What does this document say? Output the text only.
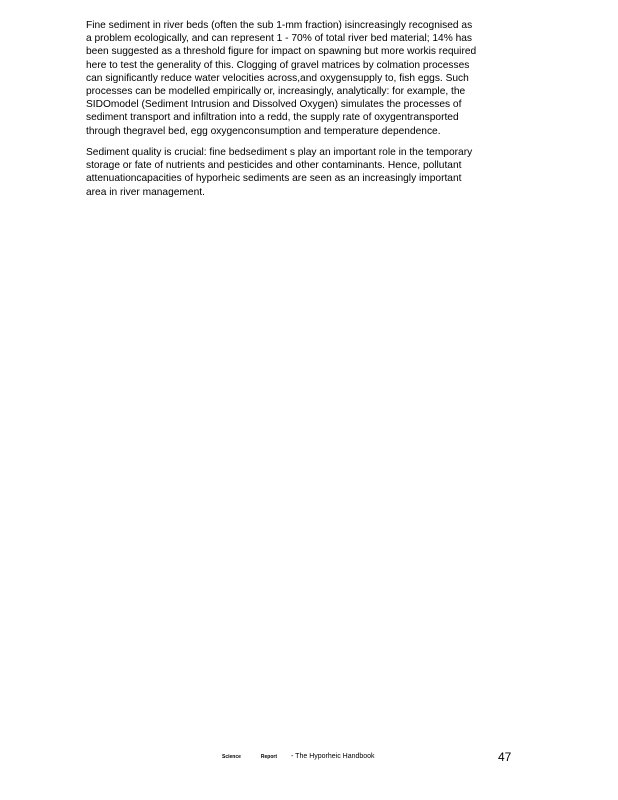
Fine sediment in river beds (often the sub 1-mm fraction) isincreasingly recognised as
a problem ecologically, and can represent 1 - 70% of total river bed material; 14% has
been suggested as a threshold figure for impact on spawning but more workis required
here to test the generality of this. Clogging of gravel matrices by colmation processes
can significantly reduce water velocities across,and oxygensupply to, fish eggs. Such
processes can be modelled empirically or, increasingly, analytically: for example, the
SIDOmodel (Sediment Intrusion and Dissolved Oxygen) simulates the processes of
sediment transport and infiltration into a redd, the supply rate of oxygentransported
through thegravel bed, egg oxygenconsumption and temperature dependence.
Sediment quality is crucial: fine bedsediment s play an important role in the temporary
storage or fate of nutrients and pesticides and other contaminants. Hence, pollutant
attenuationcapacities of hyporheic sediments are seen as an increasingly important
area in river management.
Science	Report - The Hyporheic Handbook	47
